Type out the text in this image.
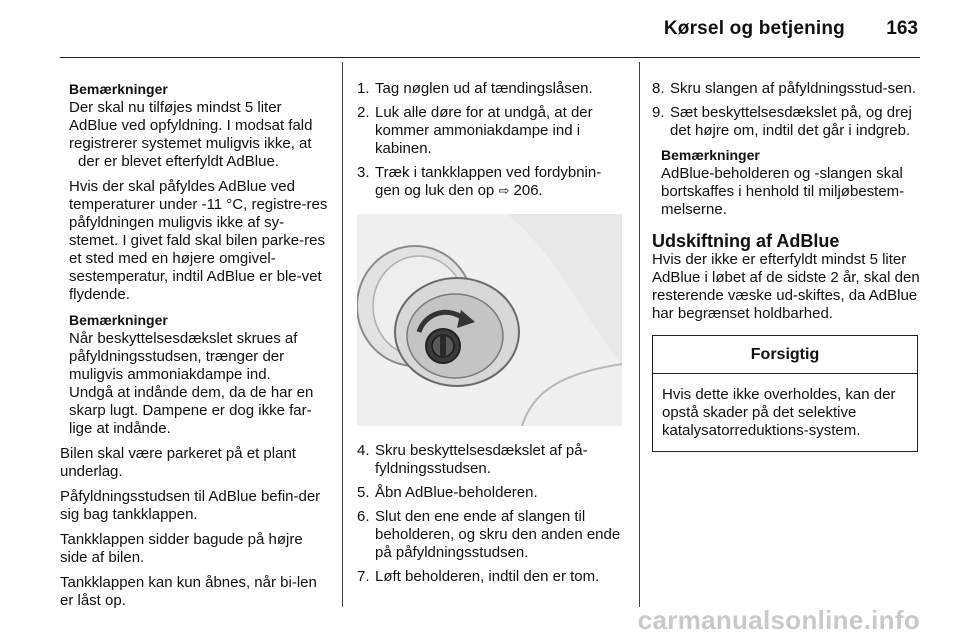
Kørsel og betjening 163
Bemærkninger

Der skal nu tilføjes mindst 5 liter
AdBlue ved opfyldning. I modsat fald
registrerer systemet muligvis ikke, at der er blevet efterfyldt AdBlue.

Hvis der skal påfyldes AdBlue ved temperaturer under -11 °C, registre-res påfyldningen muligvis ikke af sy-stemet. I givet fald skal bilen parke-res et sted med en højere omgivel-sestemperatur, indtil AdBlue er ble-vet flydende.

Bemærkninger

Når beskyttelsesdækslet skrues af
påfyldningsstudsen, trænger der
muligvis ammoniakdampe ind.
Undgå at indånde dem, da de har en skarp lugt. Dampene er dog ikke far-lige at indånde.

Bilen skal være parkeret på et plant underlag.

Påfyldningsstudsen til AdBlue befin-der sig bag tankklappen.

Tankklappen sidder bagude på højre side af bilen.

Tankklappen kan kun åbnes, når bi-len er låst op.

1. Tag nøglen ud af tændingslåsen.
2. Luk alle døre for at undgå, at der kommer ammoniakdampe ind i kabinen.
3. Træk i tankklappen ved fordybnin-gen og luk den op ⇨ 206.
4. Skru beskyttelsesdækslet af på-fyldningsstudsen.
5. Åbn AdBlue-beholderen.
6. Slut den ene ende af slangen til beholderen, og skru den anden ende på påfyldningsstudsen.
7. Løft beholderen, indtil den er tom.
8. Skru slangen af påfyldningsstud-sen.
9. Sæt beskyttelsesdækslet på, og drej det højre om, indtil det går i indgreb.
Bemærkninger

AdBlue-beholderen og -slangen skal bortskaffes i henhold til miljøbestem-melserne.

Udskiftning af AdBlue

Hvis der ikke er efterfyldt mindst 5 liter AdBlue i løbet af de sidste 2 år, skal den resterende væske ud-skiftes, da AdBlue har begrænset holdbarhed.

Forsigtig
Hvis dette ikke overholdes, kan der opstå skader på det selektive katalysatorreduktions-system.
carmanualsonline.info
